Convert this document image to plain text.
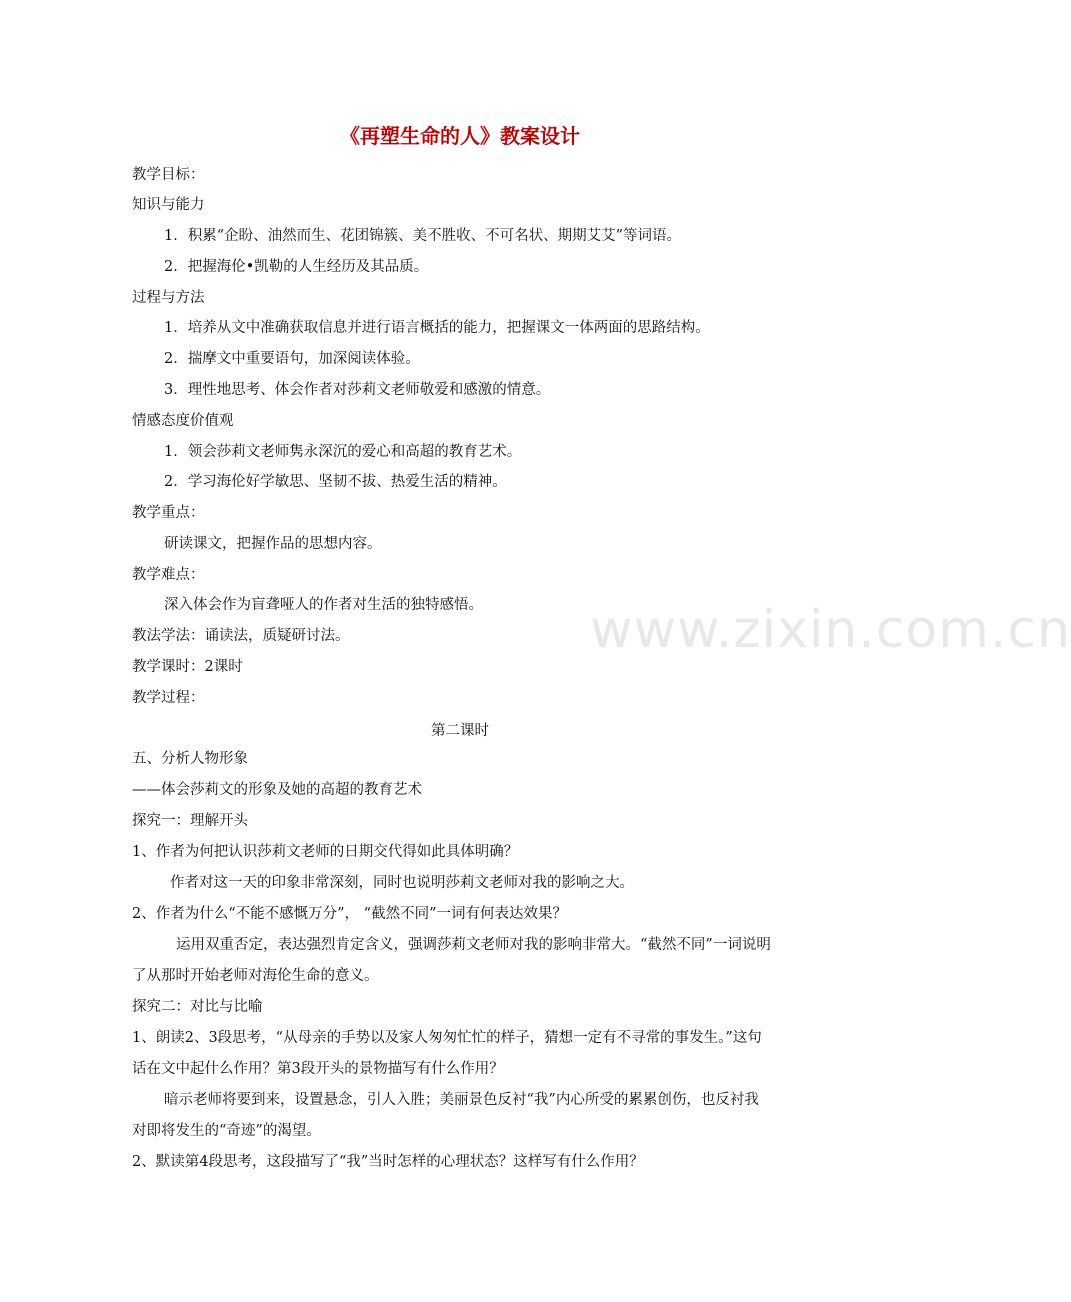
《再塑生命的人》教案设计
www.zixin.com.cn
教学目标：
知识与能力
1．积累“企盼、油然而生、花团锦簇、美不胜收、不可名状、期期艾艾”等词语。
2．把握海伦•凯勒的人生经历及其品质。
过程与方法
1．培养从文中准确获取信息并进行语言概括的能力，把握课文一体两面的思路结构。
2．揣摩文中重要语句，加深阅读体验。
3．理性地思考、体会作者对莎莉文老师敬爱和感激的情意。
情感态度价值观
1．领会莎莉文老师隽永深沉的爱心和高超的教育艺术。
2．学习海伦好学敏思、坚韧不拔、热爱生活的精神。
教学重点：
研读课文，把握作品的思想内容。
教学难点：
深入体会作为盲聋哑人的作者对生活的独特感悟。
教法学法：诵读法，质疑研讨法。
教学课时：2课时
教学过程：
第二课时
五、分析人物形象
——体会莎莉文的形象及她的高超的教育艺术
探究一：理解开头
1、作者为何把认识莎莉文老师的日期交代得如此具体明确？
作者对这一天的印象非常深刻，同时也说明莎莉文老师对我的影响之大。
2、作者为什么“不能不感慨万分”， “截然不同”一词有何表达效果？
运用双重否定，表达强烈肯定含义，强调莎莉文老师对我的影响非常大。“截然不同”一词说明
了从那时开始老师对海伦生命的意义。
探究二：对比与比喻
1、朗读2、3段思考，“从母亲的手势以及家人匆匆忙忙的样子，猜想一定有不寻常的事发生。”这句
话在文中起什么作用？第3段开头的景物描写有什么作用？
暗示老师将要到来，设置悬念，引人入胜；美丽景色反衬“我”内心所受的累累创伤，也反衬我
对即将发生的“奇迹”的渴望。
2、默读第4段思考，这段描写了“我”当时怎样的心理状态？这样写有什么作用？
